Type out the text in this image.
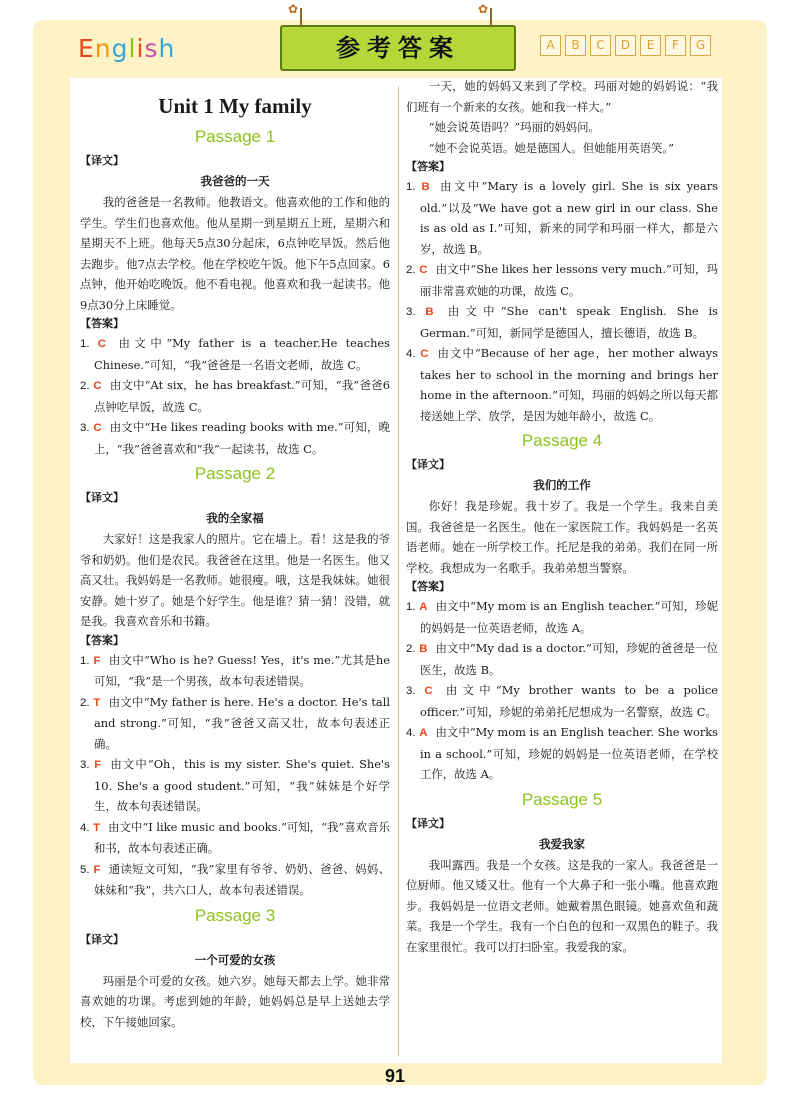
English
✿	✿
参考答案	A B C D E F G
Unit 1 My family
Passage 1
【译文】
我爸爸的一天
我的爸爸是一名教师。他教语文。他喜欢他的工作和他的学生。学生们也喜欢他。他从星期一到星期五上班，星期六和星期天不上班。他每天5点30分起床，6点钟吃早饭。然后他去跑步。他7点去学校。他在学校吃午饭。他下午5点回家。6点钟，他开始吃晚饭。他不看电视。他喜欢和我一起读书。他9点30分上床睡觉。
【答案】
1. C 由文中“My father is a teacher.He teaches Chinese.”可知，“我”爸爸是一名语文老师，故选 C。
2. C 由文中“At six，he has breakfast.”可知，“我”爸爸6点钟吃早饭，故选 C。
3. C 由文中“He likes reading books with me.”可知，晚上，“我”爸爸喜欢和“我”一起读书，故选 C。
Passage 2
【译文】
我的全家福
大家好！这是我家人的照片。它在墙上。看！这是我的爷爷和奶奶。他们是农民。我爸爸在这里。他是一名医生。他又高又壮。我妈妈是一名教师。她很瘦。哦，这是我妹妹。她很安静。她十岁了。她是个好学生。他是谁？猜一猜！没错，就是我。我喜欢音乐和书籍。
【答案】
1. F 由文中“Who is he? Guess! Yes，it's me.”尤其是he可知，“我”是一个男孩，故本句表述错误。
2. T 由文中“My father is here. He's a doctor. He's tall and strong.”可知，“我”爸爸又高又壮，故本句表述正确。
3. F 由文中“Oh，this is my sister. She's quiet. She's 10. She's a good student.”可知，“我”妹妹是个好学生，故本句表述错误。
4. T 由文中“I like music and books.”可知，“我”喜欢音乐和书，故本句表述正确。
5. F 通读短文可知，“我”家里有爷爷、奶奶、爸爸、妈妈、妹妹和“我”，共六口人，故本句表述错误。
Passage 3
【译文】
一个可爱的女孩
玛丽是个可爱的女孩。她六岁。她每天都去上学。她非常喜欢她的功课。考虑到她的年龄，她妈妈总是早上送她去学校，下午接她回家。
一天，她的妈妈又来到了学校。玛丽对她的妈妈说：“我们班有一个新来的女孩。她和我一样大。”
“她会说英语吗？”玛丽的妈妈问。
“她不会说英语。她是德国人。但她能用英语笑。”
【答案】
1. B 由文中“Mary is a lovely girl. She is six years old.”以及“We have got a new girl in our class. She is as old as I.”可知，新来的同学和玛丽一样大，都是六岁，故选 B。
2. C 由文中“She likes her lessons very much.”可知，玛丽非常喜欢她的功课，故选 C。
3. B 由文中“She can't speak English. She is German.”可知，新同学是德国人，擅长德语，故选 B。
4. C 由文中“Because of her age，her mother always takes her to school in the morning and brings her home in the afternoon.”可知，玛丽的妈妈之所以每天都接送她上学、放学，是因为她年龄小，故选 C。
Passage 4
【译文】
我们的工作
你好！我是珍妮。我十岁了。我是一个学生。我来自美国。我爸爸是一名医生。他在一家医院工作。我妈妈是一名英语老师。她在一所学校工作。托尼是我的弟弟。我们在同一所学校。我想成为一名歌手。我弟弟想当警察。
【答案】
1. A 由文中“My mom is an English teacher.”可知，珍妮的妈妈是一位英语老师，故选 A。
2. B 由文中“My dad is a doctor.”可知，珍妮的爸爸是一位医生，故选 B。
3. C 由文中“My brother wants to be a police officer.”可知，珍妮的弟弟托尼想成为一名警察，故选 C。
4. A 由文中“My mom is an English teacher. She works in a school.”可知，珍妮的妈妈是一位英语老师，在学校工作，故选 A。
Passage 5
【译文】
我爱我家
我叫露西。我是一个女孩。这是我的一家人。我爸爸是一位厨师。他又矮又壮。他有一个大鼻子和一张小嘴。他喜欢跑步。我妈妈是一位语文老师。她戴着黑色眼镜。她喜欢鱼和蔬菜。我是一个学生。我有一个白色的包和一双黑色的鞋子。我在家里很忙。我可以打扫卧室。我爱我的家。
91
